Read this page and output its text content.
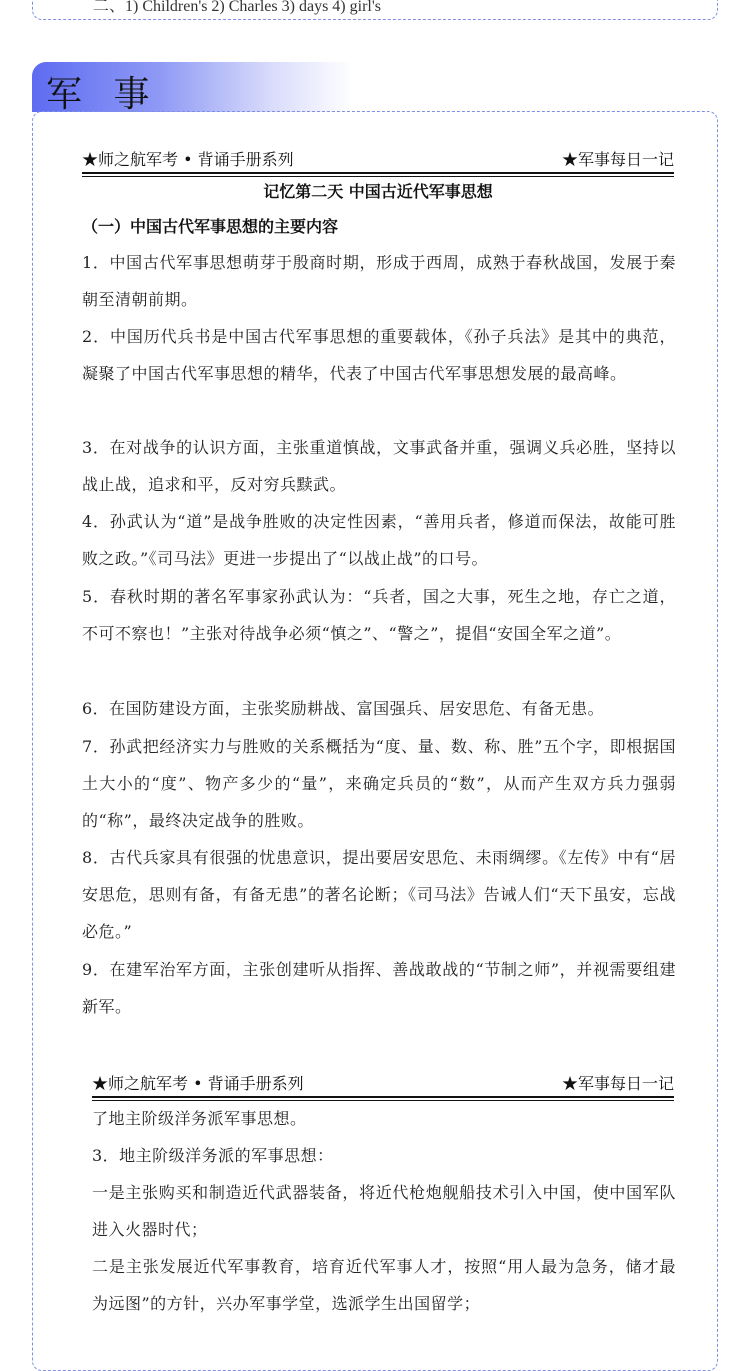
二、1) Children's 2) Charles 3) days 4) girl's
军 事
★师之航军考 • 背诵手册系列	★军事每日一记
记忆第二天 中国古近代军事思想
（一）中国古代军事思想的主要内容
1．中国古代军事思想萌芽于殷商时期，形成于西周，成熟于春秋战国，发展于秦朝至清朝前期。
2．中国历代兵书是中国古代军事思想的重要载体，《孙子兵法》是其中的典范，凝聚了中国古代军事思想的精华，代表了中国古代军事思想发展的最高峰。
3．在对战争的认识方面，主张重道慎战，文事武备并重，强调义兵必胜，坚持以战止战，追求和平，反对穷兵黩武。
4．孙武认为“道”是战争胜败的决定性因素，“善用兵者，修道而保法，故能可胜败之政。”《司马法》更进一步提出了“以战止战”的口号。
5．春秋时期的著名军事家孙武认为：“兵者，国之大事，死生之地，存亡之道，不可不察也！”主张对待战争必须“慎之”、“警之”，提倡“安国全军之道”。
6．在国防建设方面，主张奖励耕战、富国强兵、居安思危、有备无患。
7．孙武把经济实力与胜败的关系概括为“度、量、数、称、胜”五个字，即根据国土大小的“度”、物产多少的“量”，来确定兵员的“数”，从而产生双方兵力强弱的“称”，最终决定战争的胜败。
8．古代兵家具有很强的忧患意识，提出要居安思危、未雨绸缪。《左传》中有“居安思危，思则有备，有备无患”的著名论断；《司马法》告诫人们“天下虽安，忘战必危。”
9．在建军治军方面，主张创建听从指挥、善战敢战的“节制之师”，并视需要组建新军。
★师之航军考 • 背诵手册系列	★军事每日一记
了地主阶级洋务派军事思想。
3．地主阶级洋务派的军事思想：
一是主张购买和制造近代武器装备，将近代枪炮舰船技术引入中国，使中国军队进入火器时代；
二是主张发展近代军事教育，培育近代军事人才，按照“用人最为急务，储才最为远图”的方针，兴办军事学堂，选派学生出国留学；
